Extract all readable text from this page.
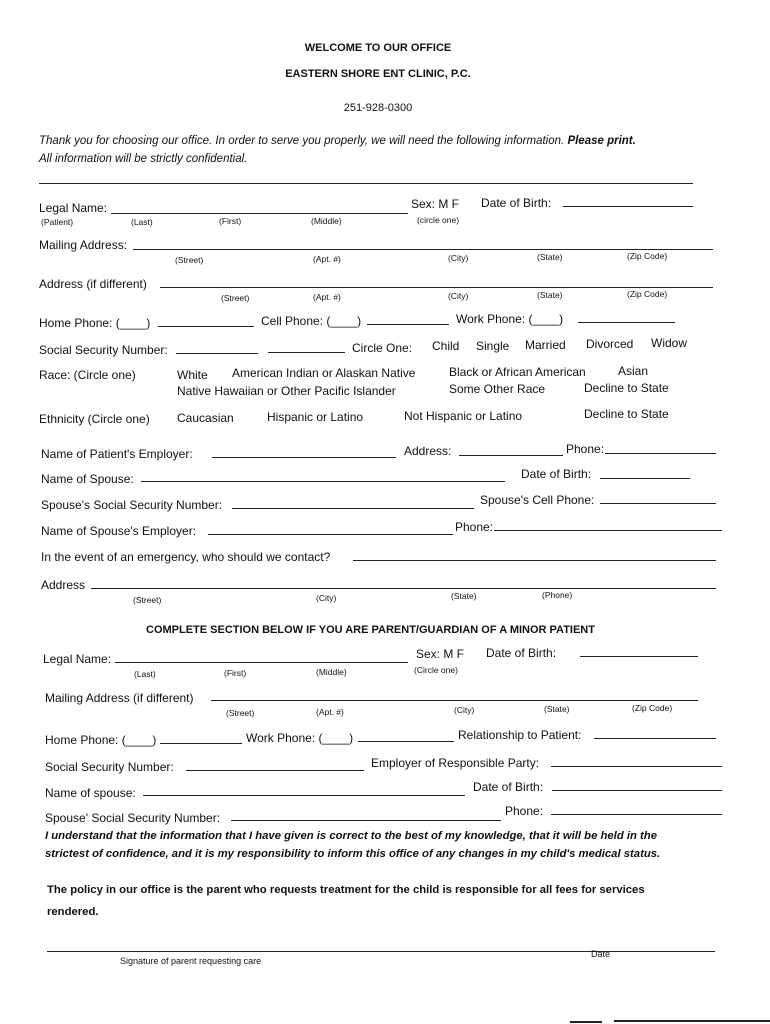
WELCOME TO OUR OFFICE
EASTERN SHORE ENT CLINIC, P.C.
251-928-0300
Thank you for choosing our office. In order to serve you properly, we will need the following information. Please print.
All information will be strictly confidential.
Legal Name:	Sex: M F Date of Birth:
(Patient)	(Last)	(First)	(Middle)	(circle one)
Mailing Address:
(Street)	(Apt. #)	(City)	(State)	(Zip Code)
Address (if different)
(Street)	(Apt. #)	(City)	(State)	(Zip Code)
Home Phone: (____)	Cell Phone: (____)	Work Phone: (____)
Social Security Number:	Circle One: Child Single Married Divorced Widow
Race: (Circle one)	White American Indian or Alaskan Native	Black or African American	Asian
Native Hawaiian or Other Pacific Islander	Some Other Race	Decline to State
Ethnicity (Circle one) Caucasian	Hispanic or Latino	Not Hispanic or Latino	Decline to State
Name of Patient's Employer:	Address:	Phone:
Name of Spouse:	Date of Birth:
Spouse's Social Security Number:	Spouse's Cell Phone:
Name of Spouse's Employer:	Phone:
In the event of an emergency, who should we contact?
Address
(Street)	(City)	(State)	(Phone)
COMPLETE SECTION BELOW IF YOU ARE PARENT/GUARDIAN OF A MINOR PATIENT
Legal Name:	Sex: M F Date of Birth:
(Last)	(First)	(Middle)	(Circle one)
Mailing Address (if different)
(Street)	(Apt. #)	(City)	(State)	(Zip Code)
Home Phone: (____)	Work Phone: (____)	Relationship to Patient:
Social Security Number:	Employer of Responsible Party:
Name of spouse:	Date of Birth:
Spouse' Social Security Number:	Phone:
I understand that the information that I have given is correct to the best of my knowledge, that it will be held in the
strictest of confidence, and it is my responsibility to inform this office of any changes in my child's medical status.
The policy in our office is the parent who requests treatment for the child is responsible for all fees for services
rendered.
Signature of parent requesting care
Date
